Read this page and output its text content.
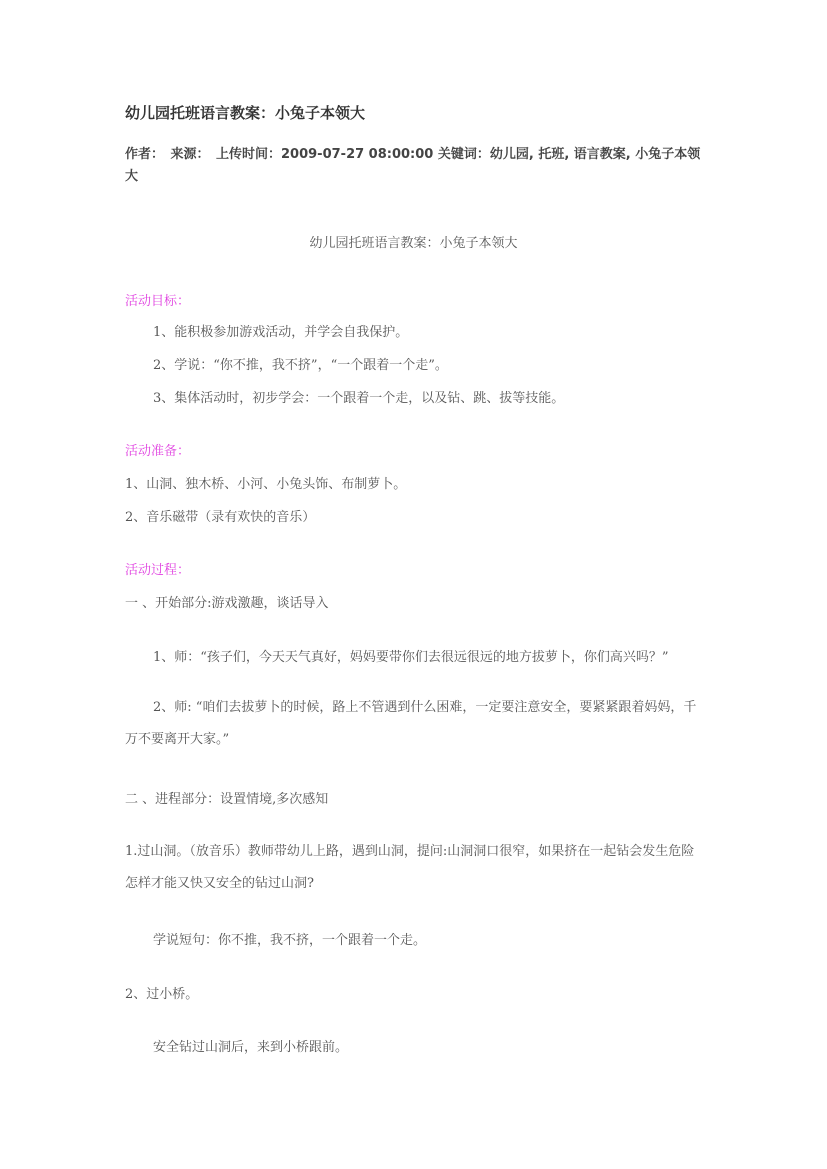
幼儿园托班语言教案：小兔子本领大
作者：　来源：　上传时间：2009-07-27 08:00:00 关键词：幼儿园, 托班, 语言教案, 小兔子本领大
幼儿园托班语言教案：小兔子本领大
活动目标：
1、能积极参加游戏活动，并学会自我保护。
2、学说：“你不推，我不挤”，“一个跟着一个走”。
3、集体活动时，初步学会：一个跟着一个走，以及钻、跳、拔等技能。
活动准备：
1、山洞、独木桥、小河、小兔头饰、布制萝卜。
2、音乐磁带（录有欢快的音乐）
活动过程：
一 、开始部分:游戏激趣，谈话导入
1、师：“孩子们，今天天气真好，妈妈要带你们去很远很远的地方拔萝卜，你们高兴吗？”
2、师: “咱们去拔萝卜的时候，路上不管遇到什么困难，一定要注意安全，要紧紧跟着妈妈，千万不要离开大家。”
二 、进程部分：设置情境,多次感知
1.过山洞。（放音乐）教师带幼儿上路，遇到山洞，提问:山洞洞口很窄，如果挤在一起钻会发生危险怎样才能又快又安全的钻过山洞?
学说短句：你不推，我不挤，一个跟着一个走。
2、过小桥。
安全钻过山洞后，来到小桥跟前。
